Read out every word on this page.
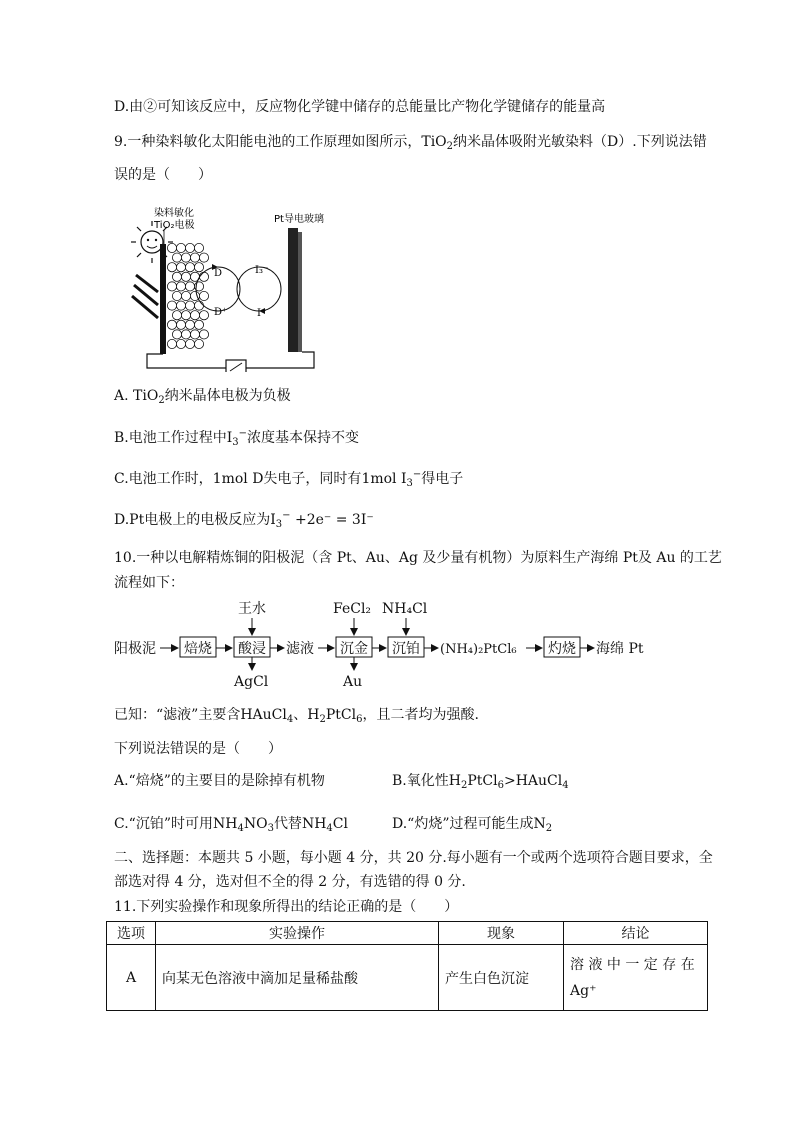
D.由②可知该反应中，反应物化学键中储存的总能量比产物化学键储存的能量高
9.一种染料敏化太阳能电池的工作原理如图所示，TiO$_2$纳米晶体吸附光敏染料（D）.下列说法错
误的是（　　）
染料敏化
TiO₂电极
Pt导电玻璃
D
D⁺
I₃⁻
I⁻
A. TiO$_2$纳米晶体电极为负极
B.电池工作过程中$I_3^-$浓度基本保持不变
C.电池工作时，1mol D失电子，同时有1mol $I_3^-$得电子
D.Pt电极上的电极反应为$I_3^- +2e^- = 3I^-$
10.一种以电解精炼铜的阳极泥（含 Pt、Au、Ag 及少量有机物）为原料生产海绵 Pt及 Au 的工艺
流程如下：
阳极泥 焙烧 酸浸
王水
AgCl
滤液 沉金
FeCl₂
Au
沉铂
NH₄Cl
(NH₄)₂PtCl₆ 灼烧 海绵 Pt
已知：“滤液”主要含HAuCl$_4$、$H_2PtCl_6$，且二者均为强酸.
下列说法错误的是（　　）
A.“焙烧”的主要目的是除掉有机物	B.氧化性$H_2PtCl_6>HAuCl_4$
C.“沉铂”时可用$NH_4NO_3$代替$NH_4Cl$	D.“灼烧”过程可能生成$N_2$
二、选择题：本题共 5 小题，每小题 4 分，共 20 分.每小题有一个或两个选项符合题目要求，全
部选对得 4 分，选对但不全的得 2 分，有选错的得 0 分.
11.下列实验操作和现象所得出的结论正确的是（　　）
选项	实验操作	现象	结论
A	向某无色溶液中滴加足量稀盐酸	产生白色沉淀	溶 液 中 一 定 存 在
Ag⁺
